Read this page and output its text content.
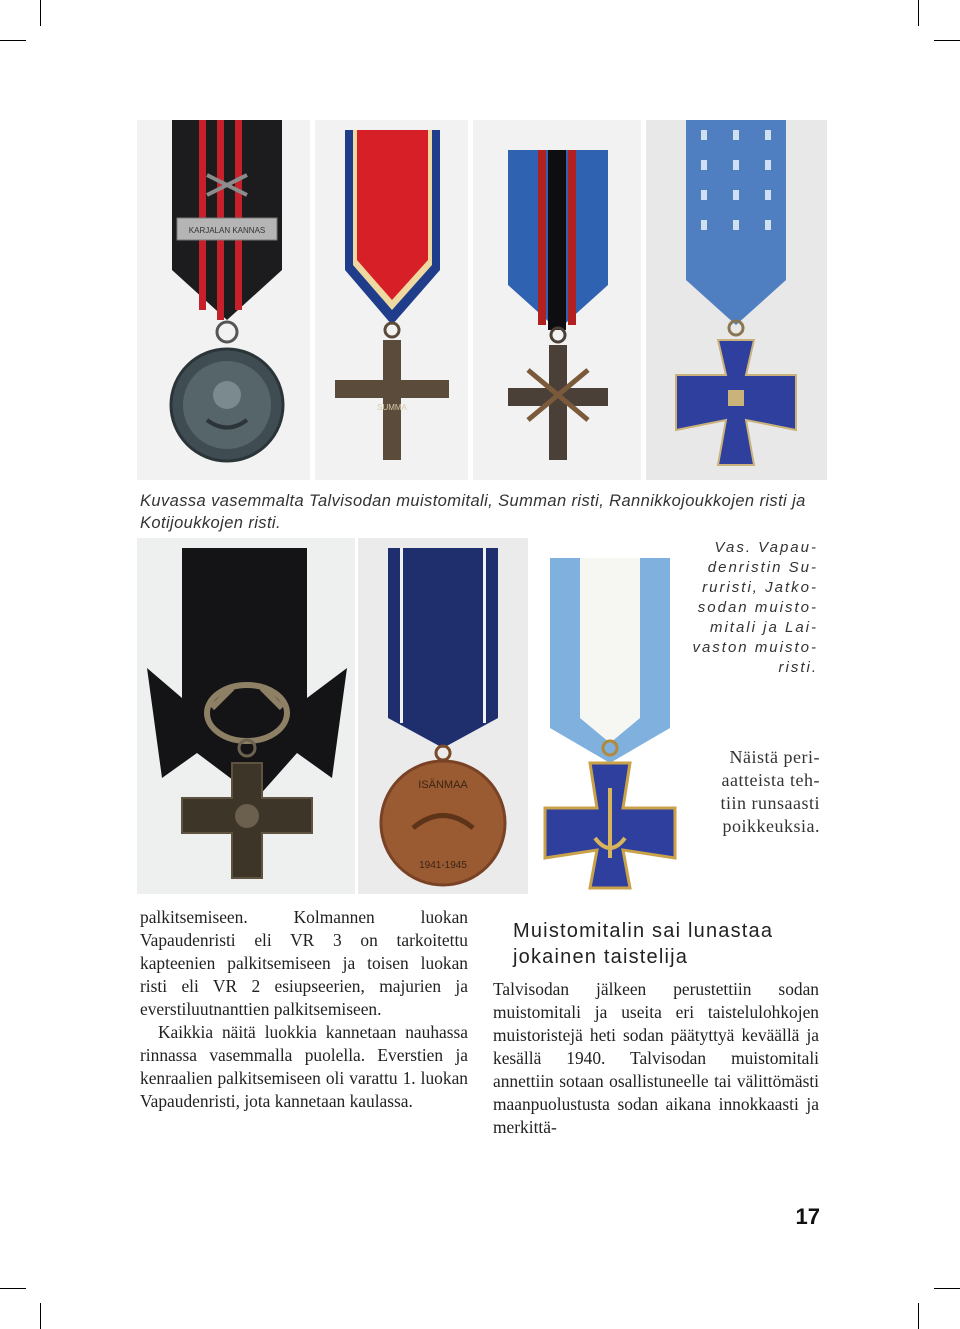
KARJALAN KANNAS
SUMMA
Kuvassa vasemmalta Talvisodan muistomitali, Summan risti, Rannikkojoukkojen risti ja Kotijoukkojen risti.
Vas. Vapau-
denristin Su-
ruristi, Jatko-
sodan muisto-
mitali ja Lai-
vaston muisto-
risti.
ISÄNMAA
1941-1945
Näistä peri-
aatteista teh-
tiin runsaasti
poikkeuksia.

palkitsemiseen. Kolmannen luokan Vapaudenristi eli VR 3 on tarkoitettu kapteenien palkitsemiseen ja toisen luokan risti eli VR 2 esiupseerien, majurien ja everstiluutnanttien palkitsemiseen.

Kaikkia näitä luokkia kannetaan nauhassa rinnassa vasemmalla puolella. Everstien ja kenraalien palkitsemiseen oli varattu 1. luokan Vapaudenristi, jota kannetaan kaulassa.

Muistomitalin sai lunastaa jokainen taistelija

Talvisodan jälkeen perustettiin sodan muistomitali ja useita eri taistelulohkojen muistoristejä heti sodan päätyttyä keväällä ja kesällä 1940. Talvisodan muistomitali annettiin sotaan osallistuneelle tai välittömästi maanpuolustusta sodan aikana innokkaasti ja merkittä-

17
